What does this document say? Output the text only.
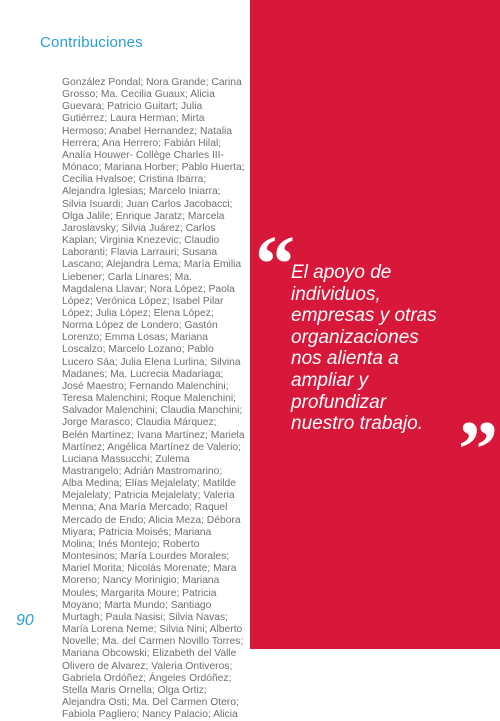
Contribuciones

González Pondal; Nora Grande; Carina Grosso; Ma. Cecilia Guaux; Alicia Guevara; Patricio Guitart; Julia Gutiérrez; Laura Herman; Mirta Hermoso; Anabel Hernandez; Natalia Herrera; Ana Herrero; Fabián Hilal; Analía Houwer- Collège Charles III-Mónaco; Mariana Horber; Pablo Huerta; Cecilia Hvalsoe; Cristina Ibarra; Alejandra Iglesias; Marcelo Iniarra; Silvia Isuardi; Juan Carlos Jacobacci; Olga Jalile; Enrique Jaratz; Marcela Jaroslavsky; Silvia Juárez; Carlos Kaplan; Virginia Knezevic; Claudio Laboranti; Flavia Larrauri; Susana Lascano; Alejandra Lema; María Emilia Liebener; Carla Linares; Ma. Magdalena Llavar; Nora López; Paola López; Verónica López; Isabel Pilar López; Julia López; Elena López; Norma López de Londero; Gastón Lorenzo; Emma Losas; Mariana Loscalzo; Marcelo Lozano; Pablo Lucero Sáa; Julia Elena Lurlina; Silvina Madanes; Ma. Lucrecia Madariaga; José Maestro; Fernando Malenchini; Teresa Malenchini; Roque Malenchini; Salvador Malenchini; Claudia Manchini; Jorge Marasco; Claudia Márquez; Belén Martínez; Ivana Martínez; Mariela Martínez; Angélica Martínez de Valerio; Luciana Massucchi; Zulema Mastrangelo; Adrián Mastromarino; Alba Medina; Elías Mejalelaty; Matilde Mejalelaty; Patricia Mejalelaty; Valeria Menna; Ana María Mercado; Raquel Mercado de Endo; Alicia Meza; Débora Miyara; Patricia Moisés; Mariana Molina; Inés Montejo; Roberto Montesinos; María Lourdes Morales; Mariel Morita; Nicolás Morenate; Mara Moreno; Nancy Morinigio; Mariana Moules; Margarita Moure; Patricia Moyano; Marta Mundo; Santiago Murtagh; Paula Nasisi; Silvia Navas; María Lorena Neme; Silvia Nini; Alberto Novelle; Ma. del Carmen Novillo Torres; Mariana Obcowski; Elizabeth del Valle Olivero de Alvarez; Valeria Ontiveros; Gabriela Ordóñez; Ángeles Ordóñez; Stella Maris Ornella; Olga Ortiz; Alejandra Osti; Ma. Del Carmen Otero; Fabiola Pagliero; Nancy Palacio; Alicia

90
“

El apoyo de
individuos,
empresas y otras
organizaciones
nos alienta a
ampliar y
profundizar
nuestro trabajo. ”
